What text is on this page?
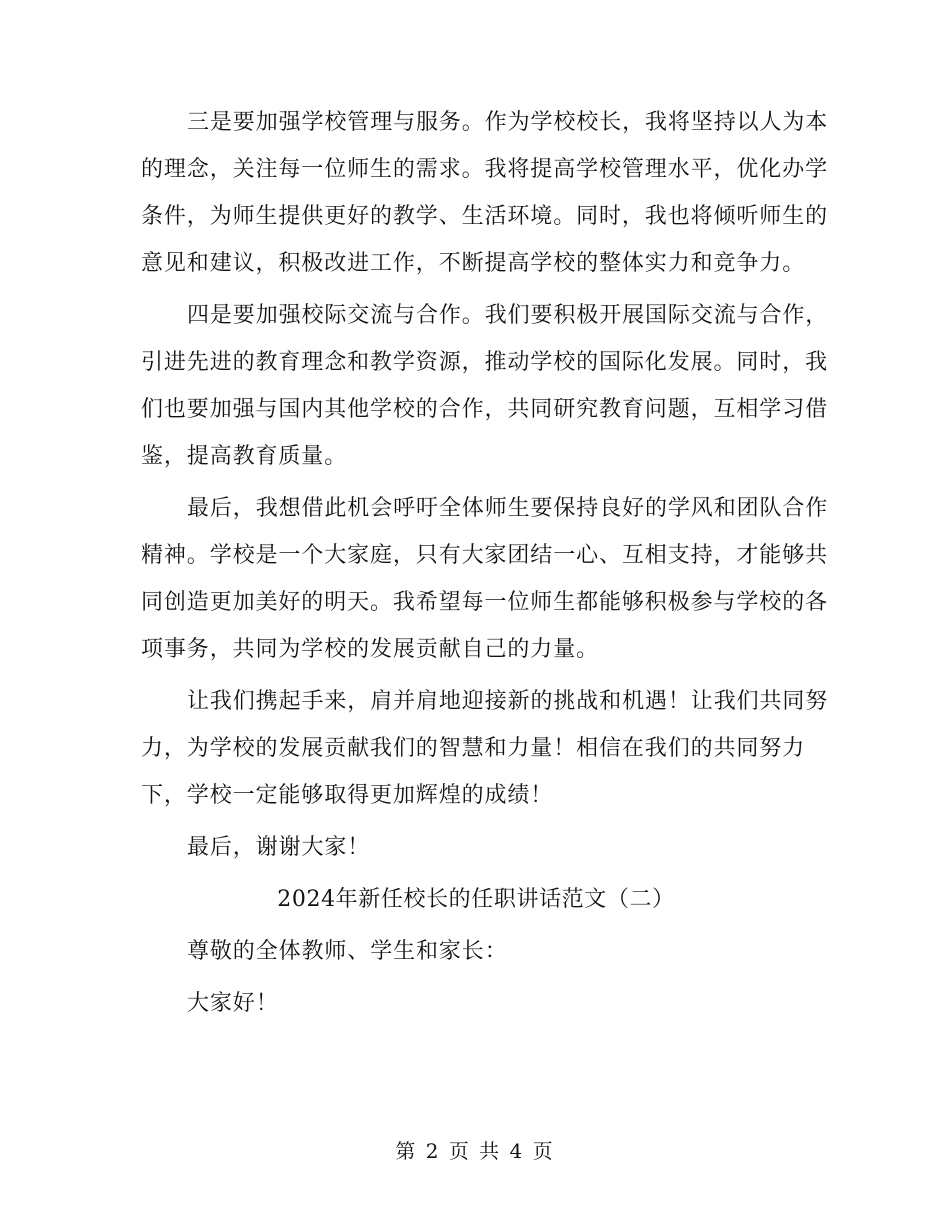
三是要加强学校管理与服务。作为学校校长，我将坚持以人为本
的理念，关注每一位师生的需求。我将提高学校管理水平，优化办学
条件，为师生提供更好的教学、生活环境。同时，我也将倾听师生的
意见和建议，积极改进工作，不断提高学校的整体实力和竞争力。

四是要加强校际交流与合作。我们要积极开展国际交流与合作，
引进先进的教育理念和教学资源，推动学校的国际化发展。同时，我
们也要加强与国内其他学校的合作，共同研究教育问题，互相学习借
鉴，提高教育质量。

最后，我想借此机会呼吁全体师生要保持良好的学风和团队合作
精神。学校是一个大家庭，只有大家团结一心、互相支持，才能够共
同创造更加美好的明天。我希望每一位师生都能够积极参与学校的各
项事务，共同为学校的发展贡献自己的力量。

让我们携起手来，肩并肩地迎接新的挑战和机遇！让我们共同努
力，为学校的发展贡献我们的智慧和力量！相信在我们的共同努力
下，学校一定能够取得更加辉煌的成绩！

最后，谢谢大家！

2024年新任校长的任职讲话范文（二）

尊敬的全体教师、学生和家长：

大家好！

第 2 页 共 4 页
